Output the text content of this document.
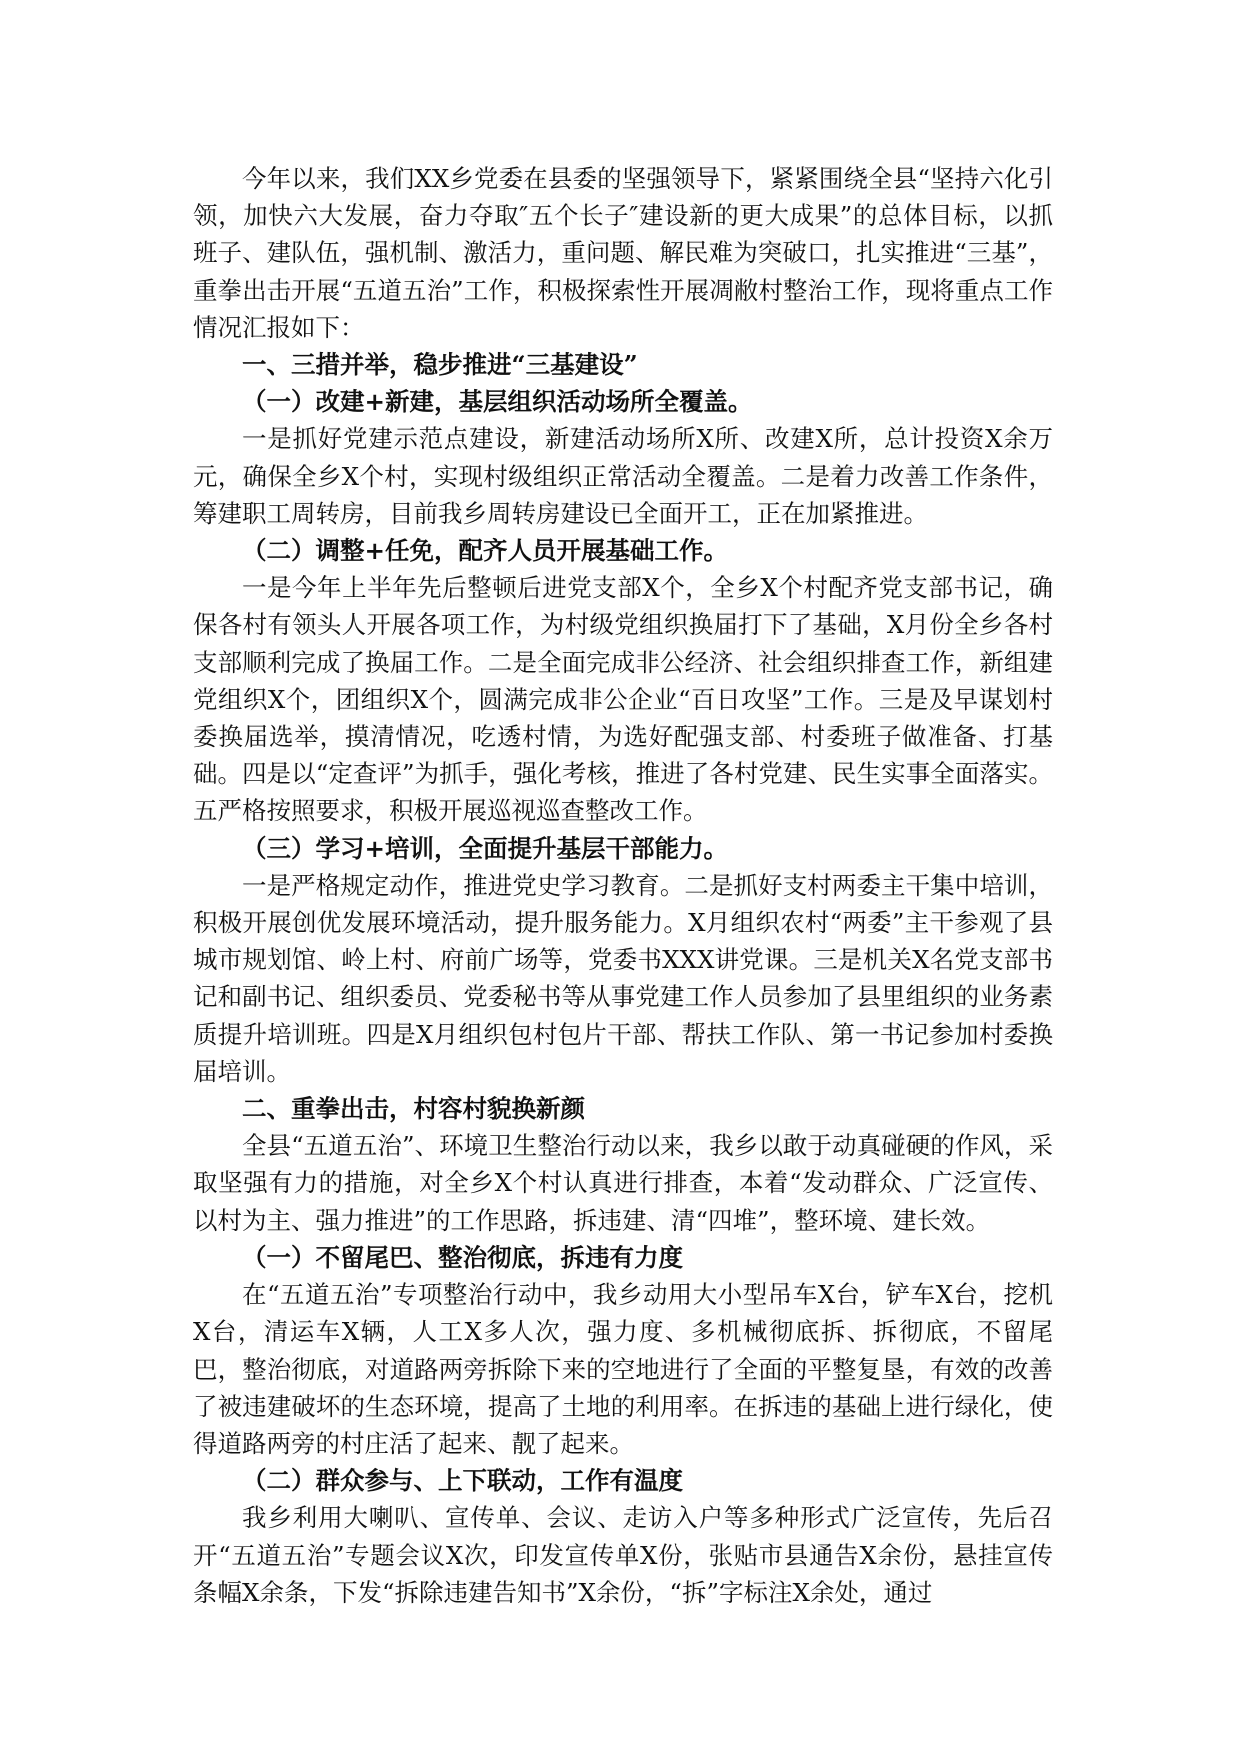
今年以来，我们XX乡党委在县委的坚强领导下，紧紧围绕全县“坚持六化引领，加快六大发展，奋力夺取″五个长子″建设新的更大成果”的总体目标，以抓班子、建队伍，强机制、激活力，重问题、解民难为突破口，扎实推进“三基”，重拳出击开展“五道五治”工作，积极探索性开展凋敝村整治工作，现将重点工作情况汇报如下：

一、三措并举，稳步推进“三基建设”

（一）改建+新建，基层组织活动场所全覆盖。

一是抓好党建示范点建设，新建活动场所X所、改建X所，总计投资X余万元，确保全乡X个村，实现村级组织正常活动全覆盖。二是着力改善工作条件，筹建职工周转房，目前我乡周转房建设已全面开工，正在加紧推进。

（二）调整+任免，配齐人员开展基础工作。

一是今年上半年先后整顿后进党支部X个，全乡X个村配齐党支部书记，确保各村有领头人开展各项工作，为村级党组织换届打下了基础，X月份全乡各村支部顺利完成了换届工作。二是全面完成非公经济、社会组织排查工作，新组建党组织X个，团组织X个，圆满完成非公企业“百日攻坚”工作。三是及早谋划村委换届选举，摸清情况，吃透村情，为选好配强支部、村委班子做准备、打基础。四是以“定查评”为抓手，强化考核，推进了各村党建、民生实事全面落实。五严格按照要求，积极开展巡视巡查整改工作。

（三）学习+培训，全面提升基层干部能力。

一是严格规定动作，推进党史学习教育。二是抓好支村两委主干集中培训，积极开展创优发展环境活动，提升服务能力。X月组织农村“两委”主干参观了县城市规划馆、岭上村、府前广场等，党委书XXX讲党课。三是机关X名党支部书记和副书记、组织委员、党委秘书等从事党建工作人员参加了县里组织的业务素质提升培训班。四是X月组织包村包片干部、帮扶工作队、第一书记参加村委换届培训。

二、重拳出击，村容村貌换新颜

全县“五道五治”、环境卫生整治行动以来，我乡以敢于动真碰硬的作风，采取坚强有力的措施，对全乡X个村认真进行排查，本着“发动群众、广泛宣传、以村为主、强力推进”的工作思路，拆违建、清“四堆”，整环境、建长效。

（一）不留尾巴、整治彻底，拆违有力度

在“五道五治”专项整治行动中，我乡动用大小型吊车X台，铲车X台，挖机X台，清运车X辆，人工X多人次，强力度、多机械彻底拆、拆彻底，不留尾巴，整治彻底，对道路两旁拆除下来的空地进行了全面的平整复垦，有效的改善了被违建破坏的生态环境，提高了土地的利用率。在拆违的基础上进行绿化，使得道路两旁的村庄活了起来、靓了起来。

（二）群众参与、上下联动，工作有温度

我乡利用大喇叭、宣传单、会议、走访入户等多种形式广泛宣传，先后召开“五道五治”专题会议X次，印发宣传单X份，张贴市县通告X余份，悬挂宣传条幅X余条，下发“拆除违建告知书”X余份，“拆”字标注X余处，通过
